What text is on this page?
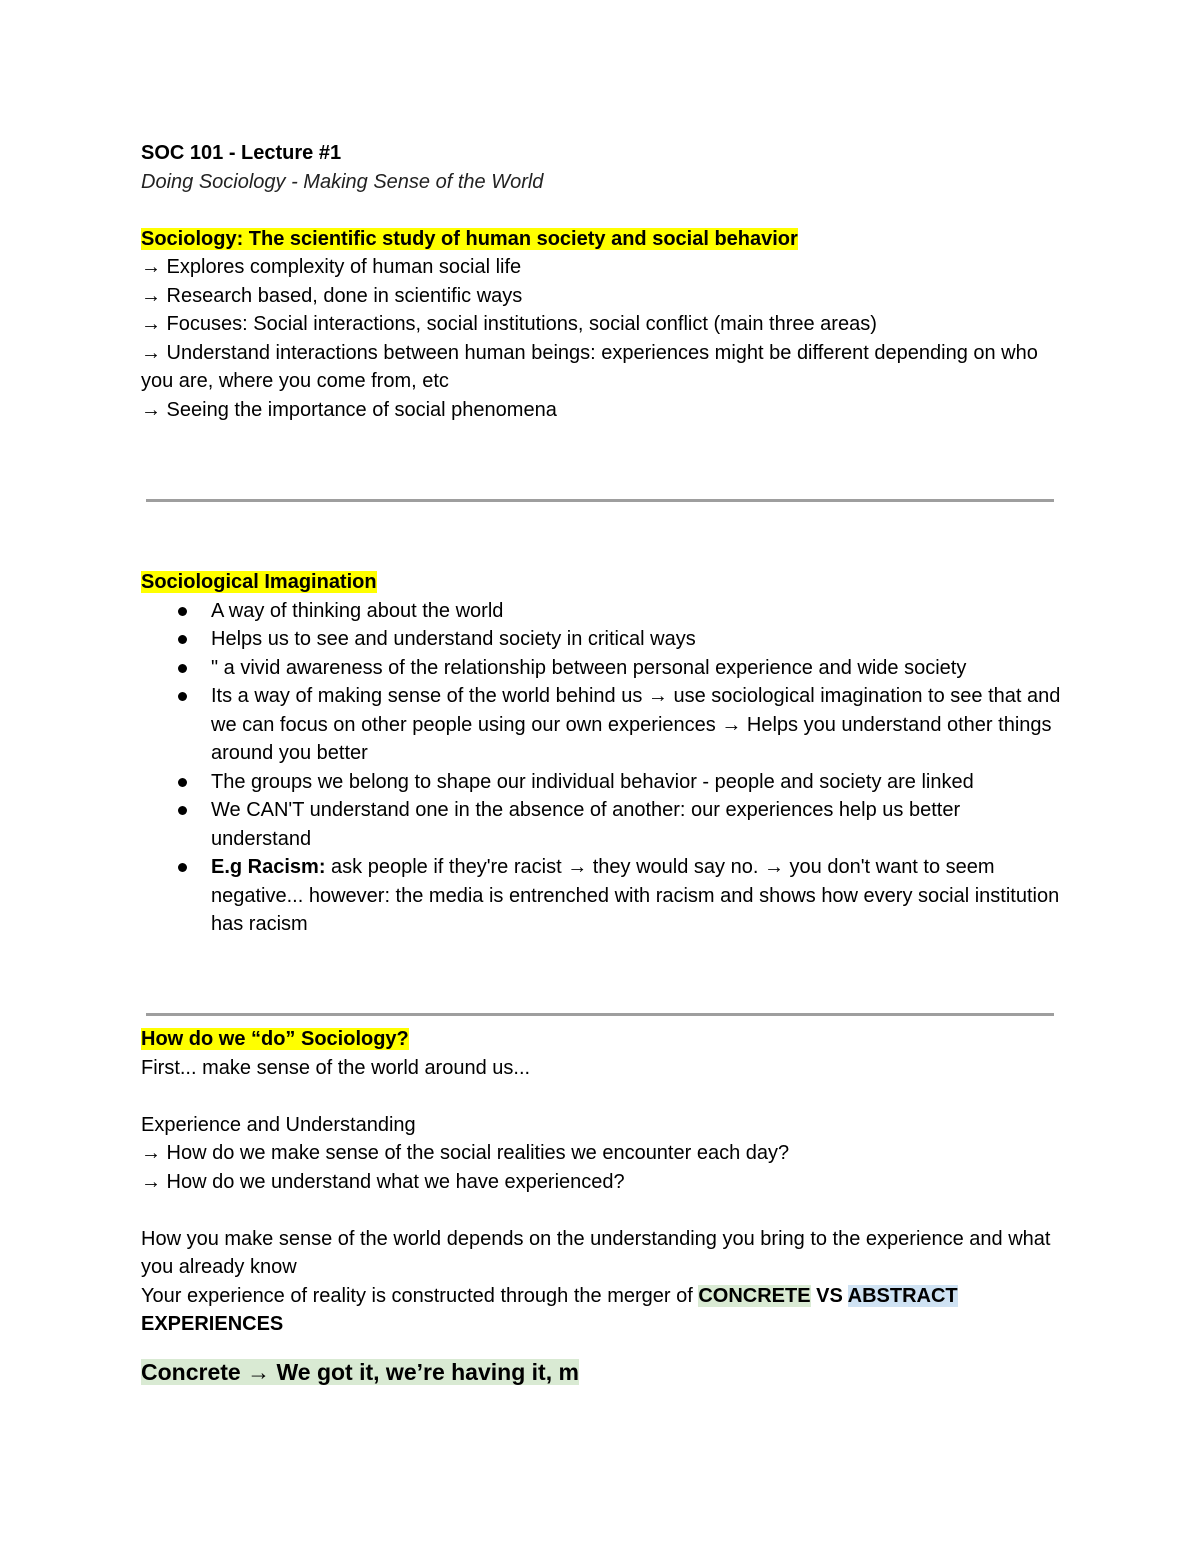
SOC 101 - Lecture #1

Doing Sociology - Making Sense of the World

Sociology: The scientific study of human society and social behavior

→ Explores complexity of human social life

→ Research based, done in scientific ways

→ Focuses: Social interactions, social institutions, social conflict (main three areas)

→ Understand interactions between human beings: experiences might be different depending on who you are, where you come from, etc

→ Seeing the importance of social phenomena

Sociological Imagination

A way of thinking about the world
Helps us to see and understand society in critical ways
" a vivid awareness of the relationship between personal experience and wide society
Its a way of making sense of the world behind us → use sociological imagination to see that and we can focus on other people using our own experiences → Helps you understand other things around you better
The groups we belong to shape our individual behavior - people and society are linked
We CAN'T understand one in the absence of another: our experiences help us better understand
E.g Racism: ask people if they're racist → they would say no. → you don't want to seem negative... however: the media is entrenched with racism and shows how every social institution has racism

How do we “do” Sociology?

First... make sense of the world around us...

Experience and Understanding

→ How do we make sense of the social realities we encounter each day?

→ How do we understand what we have experienced?

How you make sense of the world depends on the understanding you bring to the experience and what you already know

Your experience of reality is constructed through the merger of CONCRETE VS ABSTRACT EXPERIENCES

Concrete → We got it, we’re having it, m
